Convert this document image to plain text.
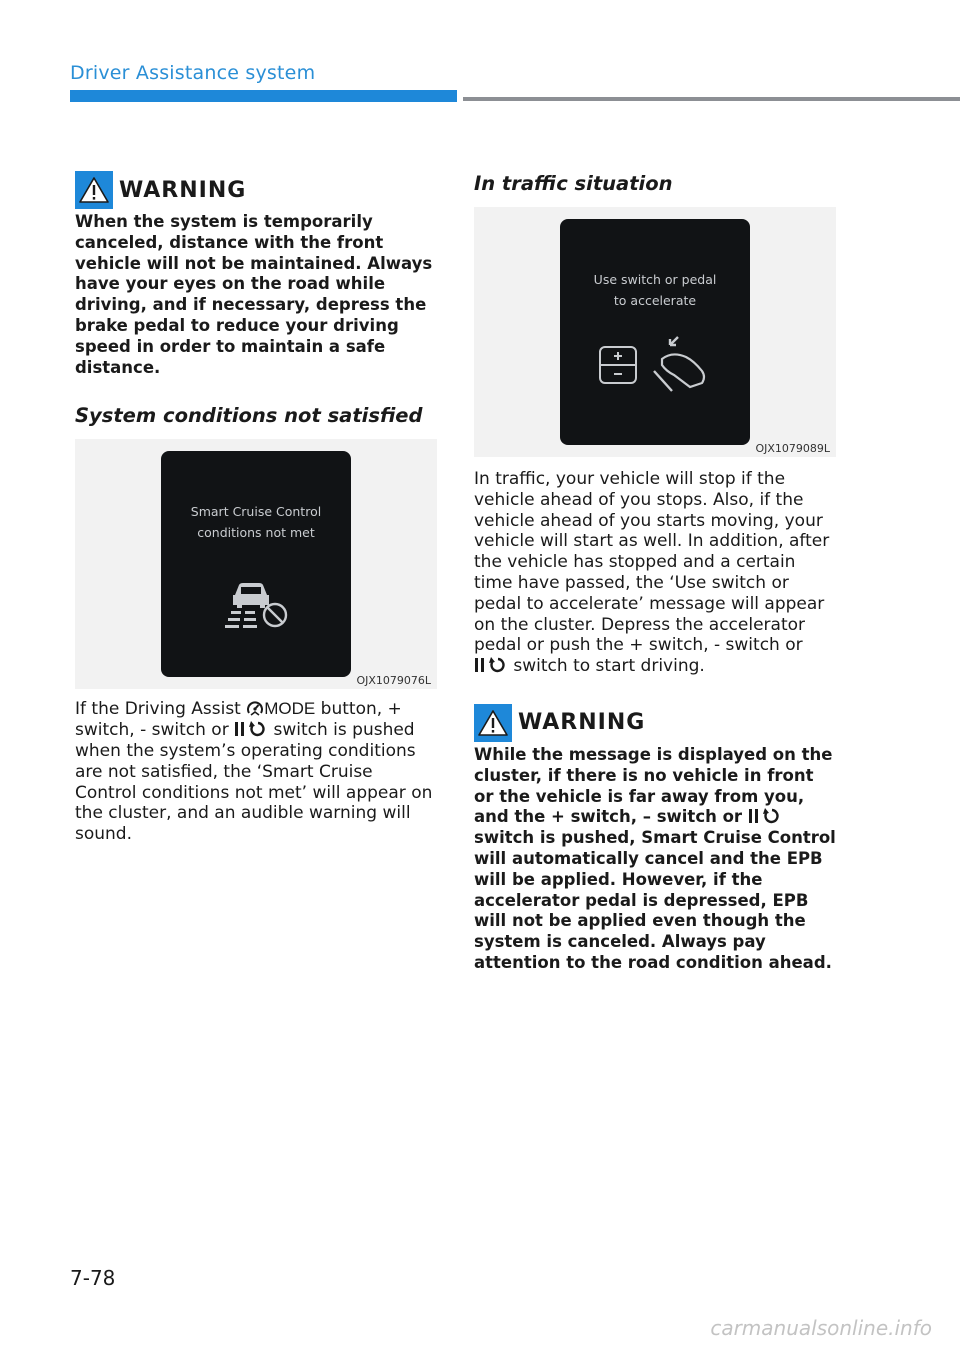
Driver Assistance system
WARNING
When the system is temporarily canceled, distance with the front vehicle will not be maintained. Always have your eyes on the road while driving, and if necessary, depress the brake pedal to reduce your driving speed in order to maintain a safe distance.
System conditions not satisfied
Smart Cruise Control
conditions not met
OJX1079076L
If the Driving Assist MODE button, + switch, - switch or  switch is pushed when the system’s operating conditions are not satisfied, the ‘Smart Cruise Control conditions not met’ will appear on the cluster, and an audible warning will sound.
In traffic situation
Use switch or pedal
to accelerate
OJX1079089L
In traffic, your vehicle will stop if the vehicle ahead of you stops. Also, if the vehicle ahead of you starts moving, your vehicle will start as well. In addition, after the vehicle has stopped and a certain time have passed, the ‘Use switch or pedal to accelerate’ message will appear on the cluster. Depress the accelerator pedal or push the + switch, - switch or  switch to start driving.
WARNING
While the message is displayed on the cluster, if there is no vehicle in front or the vehicle is far away from you, and the + switch, – switch or  switch is pushed, Smart Cruise Control will automatically cancel and the EPB will be applied. However, if the accelerator pedal is depressed, EPB will not be applied even though the system is canceled. Always pay attention to the road condition ahead.
7-78
carmanualsonline.info
